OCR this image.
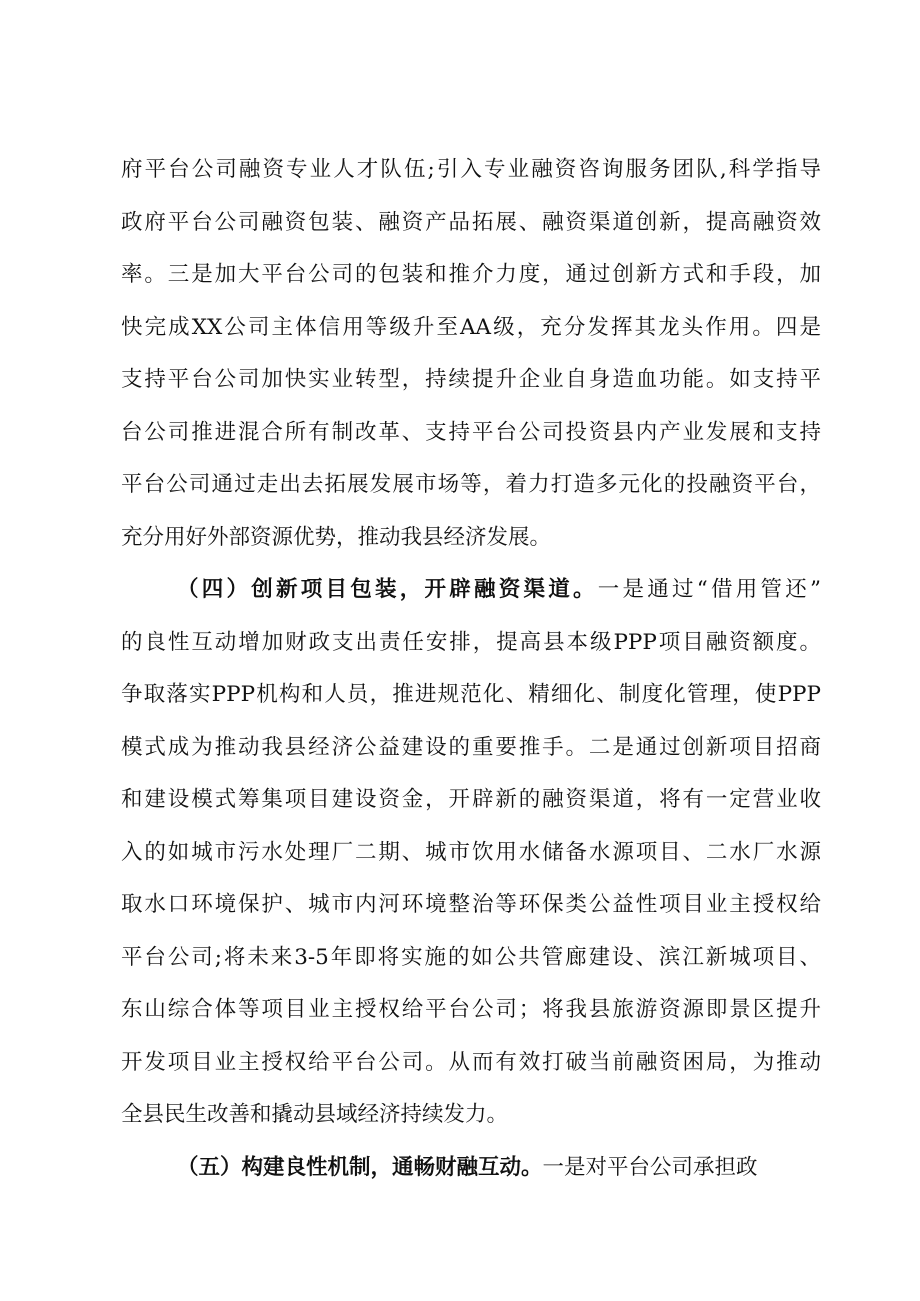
府平台公司融资专业人才队伍;引入专业融资咨询服务团队,科学指导
政府平台公司融资包装、融资产品拓展、融资渠道创新，提高融资效
率。三是加大平台公司的包装和推介力度，通过创新方式和手段，加
快完成XX公司主体信用等级升至AA级，充分发挥其龙头作用。四是
支持平台公司加快实业转型，持续提升企业自身造血功能。如支持平
台公司推进混合所有制改革、支持平台公司投资县内产业发展和支持
平台公司通过走出去拓展发展市场等，着力打造多元化的投融资平台，
充分用好外部资源优势，推动我县经济发展。
（四）创新项目包装，开辟融资渠道。一是通过“借用管还”
的良性互动增加财政支出责任安排，提高县本级PPP项目融资额度。
争取落实PPP机构和人员，推进规范化、精细化、制度化管理，使PPP
模式成为推动我县经济公益建设的重要推手。二是通过创新项目招商
和建设模式筹集项目建设资金，开辟新的融资渠道，将有一定营业收
入的如城市污水处理厂二期、城市饮用水储备水源项目、二水厂水源
取水口环境保护、城市内河环境整治等环保类公益性项目业主授权给
平台公司;将未来3-5年即将实施的如公共管廊建设、滨江新城项目、
东山综合体等项目业主授权给平台公司；将我县旅游资源即景区提升
开发项目业主授权给平台公司。从而有效打破当前融资困局，为推动
全县民生改善和撬动县域经济持续发力。
（五）构建良性机制，通畅财融互动。一是对平台公司承担政
